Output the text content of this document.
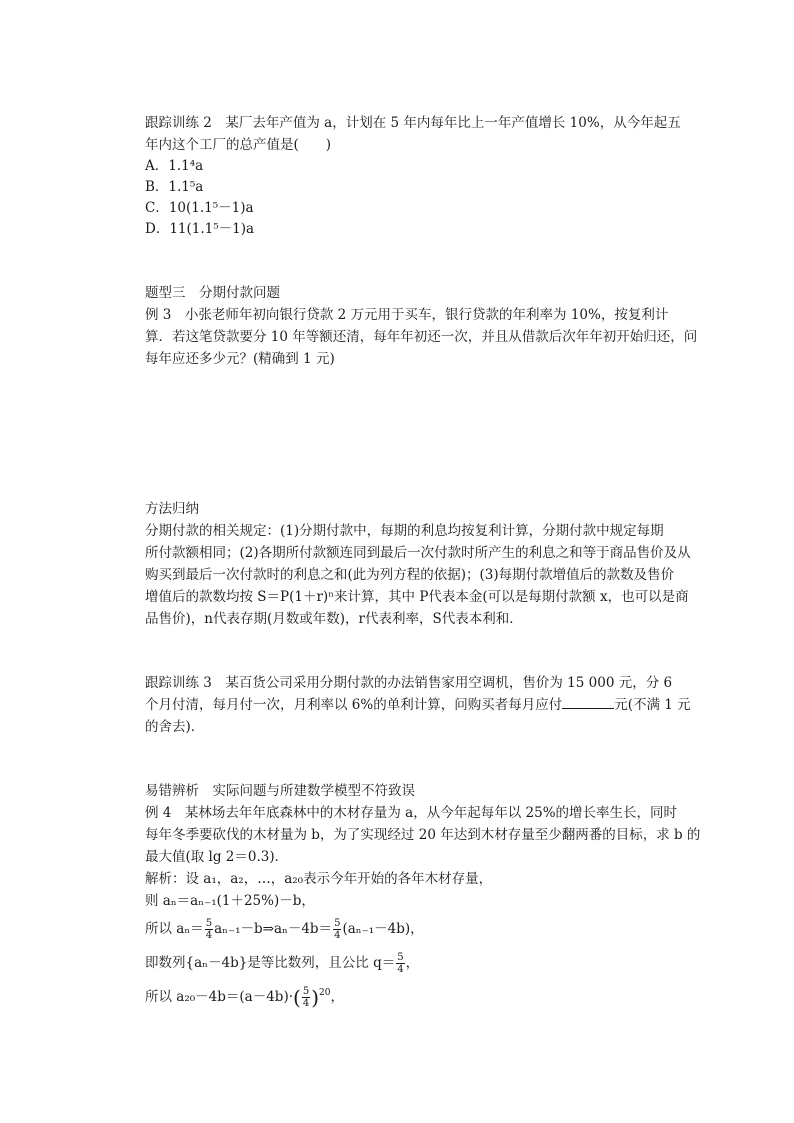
跟踪训练 2　某厂去年产值为 a，计划在 5 年内每年比上一年产值增长 10%，从今年起五
年内这个工厂的总产值是(　　)
A．1.1⁴a
B．1.1⁵a
C．10(1.1⁵－1)a
D．11(1.1⁵－1)a
题型三　分期付款问题
例 3　小张老师年初向银行贷款 2 万元用于买车，银行贷款的年利率为 10%，按复利计
算．若这笔贷款要分 10 年等额还清，每年年初还一次，并且从借款后次年年初开始归还，问
每年应还多少元？(精确到 1 元)
方法归纳
分期付款的相关规定：(1)分期付款中，每期的利息均按复利计算，分期付款中规定每期
所付款额相同；(2)各期所付款额连同到最后一次付款时所产生的利息之和等于商品售价及从
购买到最后一次付款时的利息之和(此为列方程的依据)；(3)每期付款增值后的款数及售价
增值后的款数均按 S＝P(1＋r)ⁿ来计算，其中 P代表本金(可以是每期付款额 x，也可以是商
品售价)，n代表存期(月数或年数)，r代表利率，S代表本利和．
跟踪训练 3　某百货公司采用分期付款的办法销售家用空调机，售价为 15 000 元，分 6
个月付清，每月付一次，月利率以 6%的单利计算，问购买者每月应付	元(不满 1 元
的舍去)．
易错辨析　实际问题与所建数学模型不符致误
例 4　某林场去年年底森林中的木材存量为 a，从今年起每年以 25%的增长率生长，同时
每年冬季要砍伐的木材量为 b，为了实现经过 20 年达到木材存量至少翻两番的目标，求 b 的
最大值(取 lg 2＝0.3)．
解析：设 a₁，a₂，…，a₂₀表示今年开始的各年木材存量，
则 aₙ＝aₙ₋₁(1＋25%)－b，
所以 $a_n= \frac{5}{4}$ aₙ₋₁－b⇒aₙ－4b＝ $\frac{5}{4} (a_{n-1}-4b)$，
即数列{aₙ－4b}是等比数列，且公比 $q= \frac{5}{4}$ ，
所以 $a_{20}-4b=(a-4b)\cdot( \frac{5}{4} )^{20}$，
